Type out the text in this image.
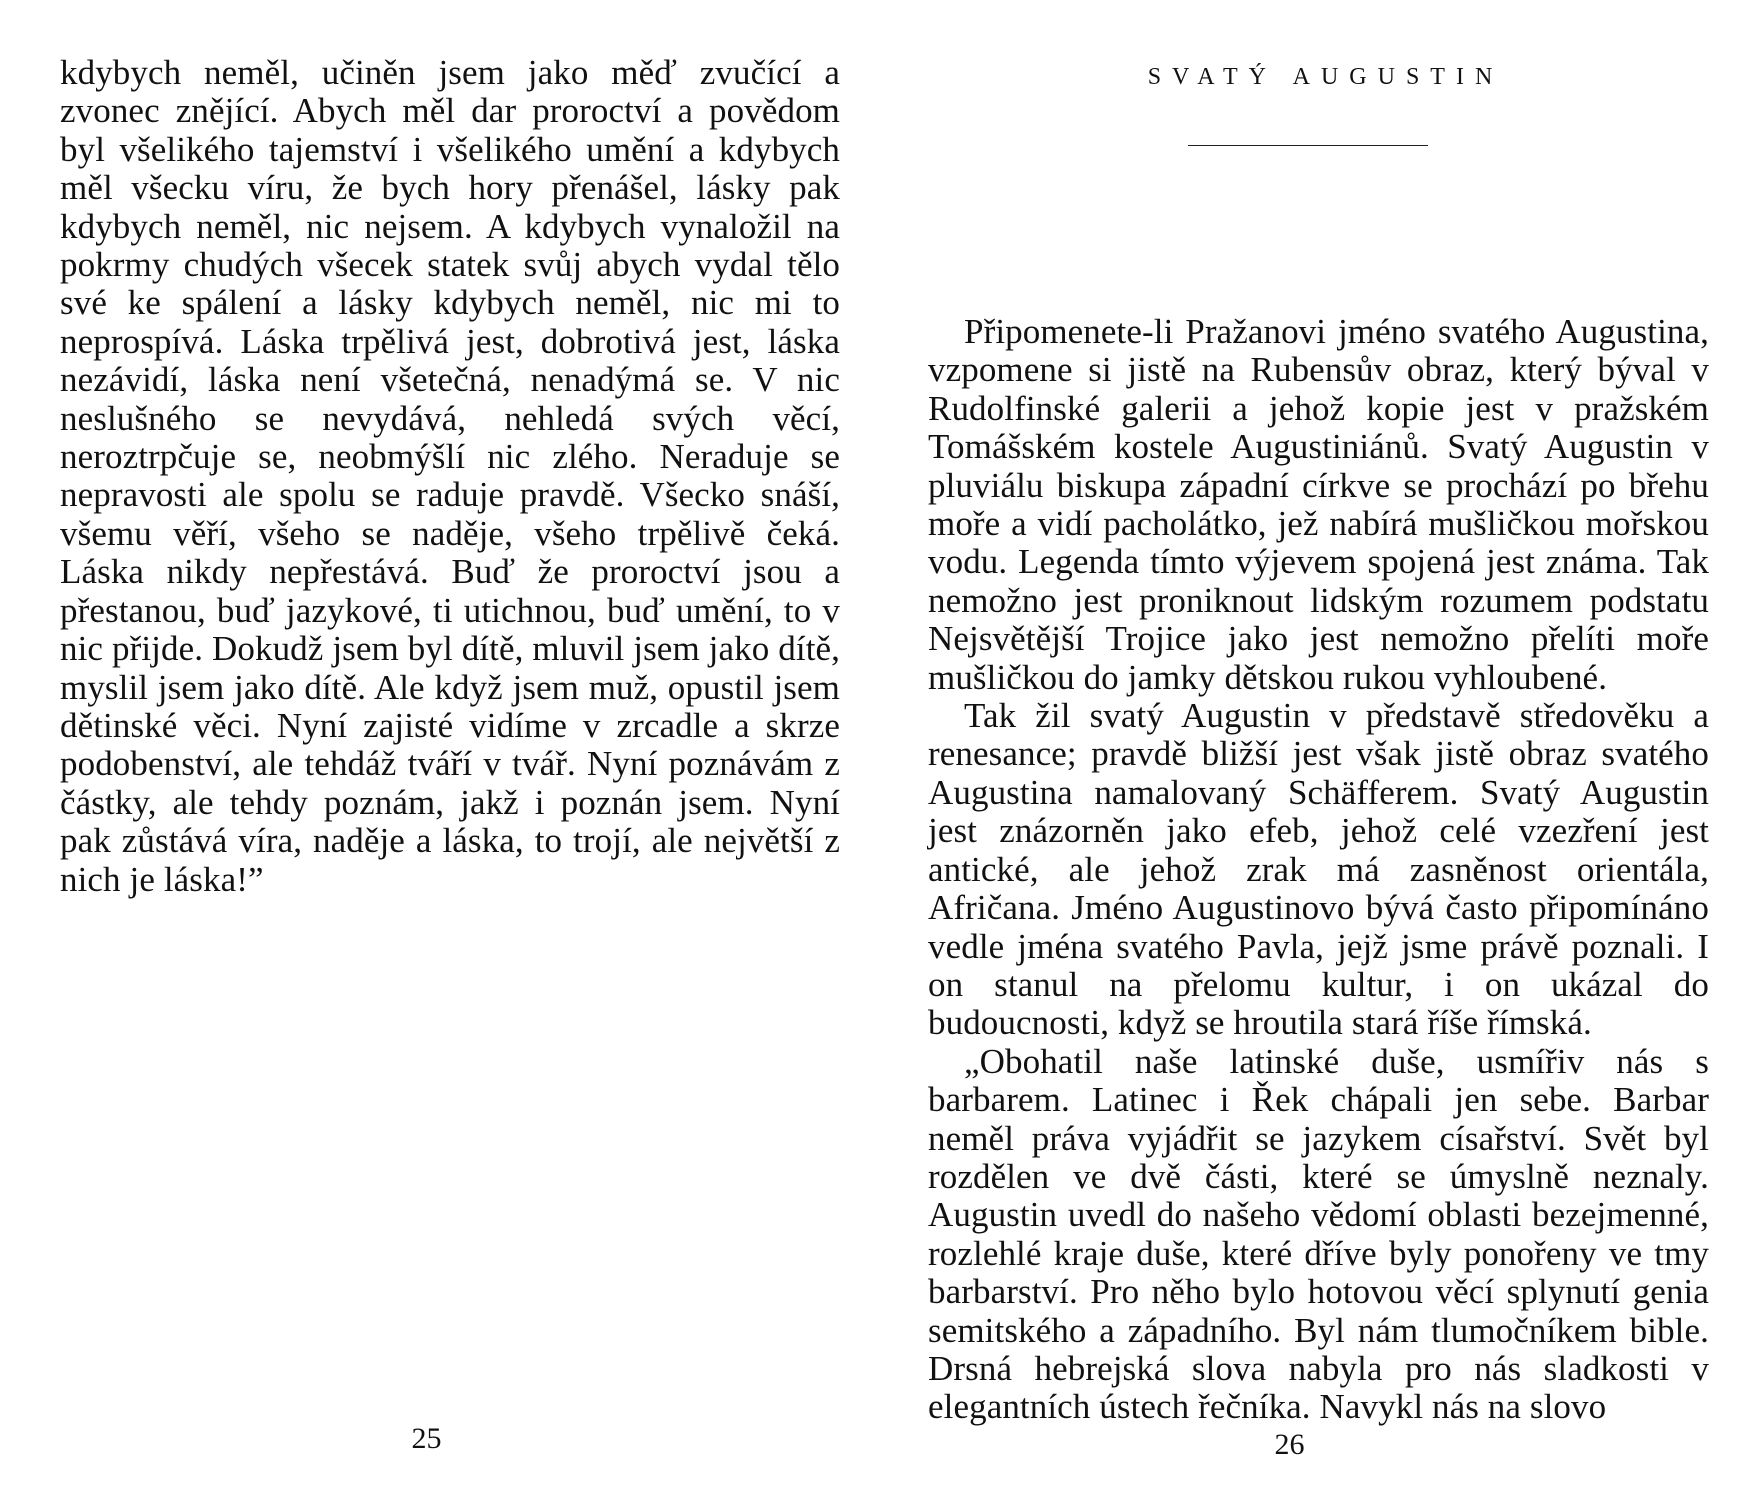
kdybych neměl, učiněn jsem jako měď zvučící a zvonec znějící. Abych měl dar proroctví a povědom byl všelikého tajemství i všelikého umění a kdybych měl všecku víru, že bych hory přenášel, lásky pak kdybych neměl, nic nejsem. A kdybych vynaložil na pokrmy chudých všecek statek svůj abych vydal tělo své ke spálení a lásky kdybych neměl, nic mi to neprospívá. Láska trpělivá jest, dobrotivá jest, láska nezávidí, láska není všetečná, nenadýmá se. V nic neslušného se nevydává, nehledá svých věcí, neroztrpčuje se, neobmýšlí nic zlého. Neraduje se nepravosti ale spolu se raduje pravdě. Všecko snáší, všemu věří, všeho se naděje, všeho trpělivě čeká. Láska nikdy nepřestává. Buď že proroctví jsou a přestanou, buď jazykové, ti utichnou, buď umění, to v nic přijde. Dokudž jsem byl dítě, mluvil jsem jako dítě, myslil jsem jako dítě. Ale když jsem muž, opustil jsem dětinské věci. Nyní zajisté vidíme v zrcadle a skrze podobenství, ale tehdáž tváří v tvář. Nyní poznávám z částky, ale tehdy poznám, jakž i poznán jsem. Nyní pak zůstává víra, naděje a láska, to trojí, ale největší z nich je láska!”

25
SVATÝ AUGUSTIN

Připomenete-li Pražanovi jméno svatého Augustina, vzpomene si jistě na Rubensův obraz, který býval v Rudolfinské galerii a jehož kopie jest v pražském Tomášském kostele Augustiniánů. Svatý Augustin v pluviálu biskupa západní církve se prochází po břehu moře a vidí pacholátko, jež nabírá mušličkou mořskou vodu. Legenda tímto výjevem spojená jest známa. Tak nemožno jest proniknout lidským rozumem podstatu Nejsvětější Trojice jako jest nemožno přelíti moře mušličkou do jamky dětskou rukou vyhloubené.

Tak žil svatý Augustin v představě středověku a renesance; pravdě bližší jest však jistě obraz svatého Augustina namalovaný Schäfferem. Svatý Augustin jest znázorněn jako efeb, jehož celé vzezření jest antické, ale jehož zrak má zasněnost orientála, Afričana. Jméno Augustinovo bývá často připomínáno vedle jména svatého Pavla, jejž jsme právě poznali. I on stanul na přelomu kultur, i on ukázal do budoucnosti, když se hroutila stará říše římská.

„Obohatil naše latinské duše, usmířiv nás s barbarem. Latinec i Řek chápali jen sebe. Barbar neměl práva vyjádřit se jazykem císařství. Svět byl rozdělen ve dvě části, které se úmyslně neznaly. Augustin uvedl do našeho vědomí oblasti bezejmenné, rozlehlé kraje duše, které dříve byly ponořeny ve tmy barbarství. Pro něho bylo hotovou věcí splynutí genia semitského a západního. Byl nám tlumočníkem bible. Drsná hebrejská slova nabyla pro nás sladkosti v elegantních ústech řečníka. Navykl nás na slovo

26
